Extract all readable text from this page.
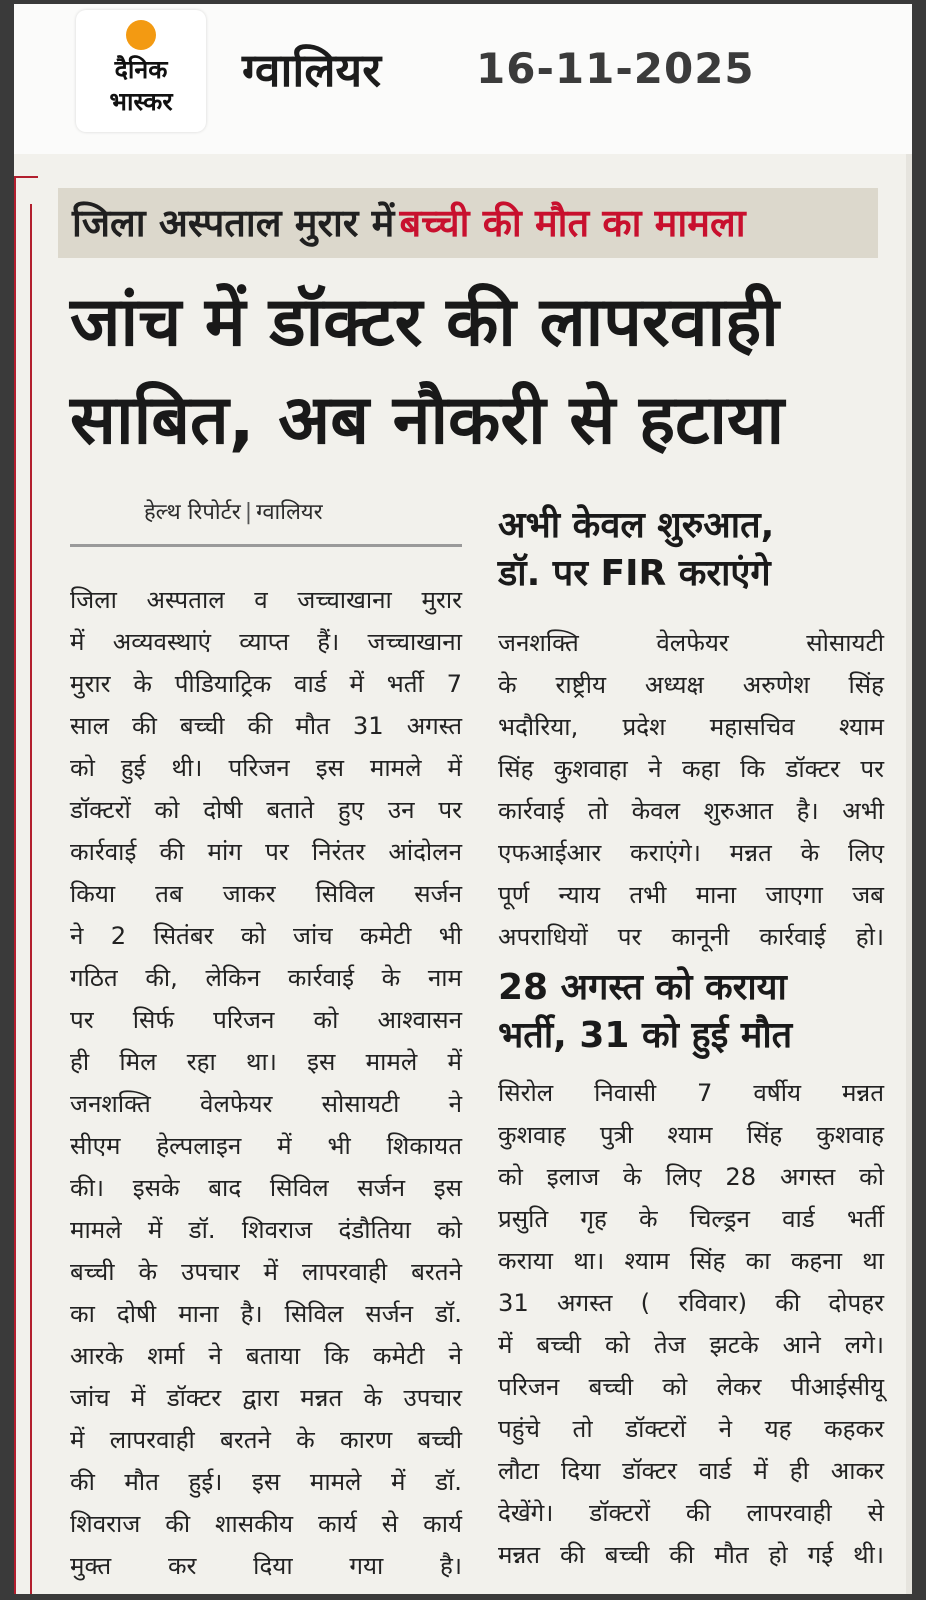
दैनिक
भास्कर
ग्वालियर 16-11-2025
जिला अस्पताल मुरार में बच्ची की मौत का मामला
जांच में डॉक्टर की लापरवाही
साबित, अब नौकरी से हटाया
हेल्थ रिपोर्टर | ग्वालियर
जिला अस्पताल व जच्चाखाना मुरार
में अव्यवस्थाएं व्याप्त हैं। जच्चाखाना
मुरार के पीडियाट्रिक वार्ड में भर्ती 7
साल की बच्ची की मौत 31 अगस्त
को हुई थी। परिजन इस मामले में
डॉक्टरों को दोषी बताते हुए उन पर
कार्रवाई की मांग पर निरंतर आंदोलन
किया तब जाकर सिविल सर्जन
ने 2 सितंबर को जांच कमेटी भी
गठित की, लेकिन कार्रवाई के नाम
पर सिर्फ परिजन को आश्वासन
ही मिल रहा था। इस मामले में
जनशक्ति वेलफेयर सोसायटी ने
सीएम हेल्पलाइन में भी शिकायत
की। इसके बाद सिविल सर्जन इस
मामले में डॉ. शिवराज दंडौतिया को
बच्ची के उपचार में लापरवाही बरतने
का दोषी माना है। सिविल सर्जन डॉ.
आरके शर्मा ने बताया कि कमेटी ने
जांच में डॉक्टर द्वारा मन्नत के उपचार
में लापरवाही बरतने के कारण बच्ची
की मौत हुई। इस मामले में डॉ.
शिवराज की शासकीय कार्य से कार्य
मुक्त कर दिया गया है।
अभी केवल शुरुआत,
डॉ. पर FIR कराएंगे
जनशक्ति वेलफेयर सोसायटी
के राष्ट्रीय अध्यक्ष अरुणेश सिंह
भदौरिया, प्रदेश महासचिव श्याम
सिंह कुशवाहा ने कहा कि डॉक्टर पर
कार्रवाई तो केवल शुरुआत है। अभी
एफआईआर कराएंगे। मन्नत के लिए
पूर्ण न्याय तभी माना जाएगा जब
अपराधियों पर कानूनी कार्रवाई हो।
28 अगस्त को कराया
भर्ती, 31 को हुई मौत
सिरोल निवासी 7 वर्षीय मन्नत
कुशवाह पुत्री श्याम सिंह कुशवाह
को इलाज के लिए 28 अगस्त को
प्रसुति गृह के चिल्ड्रन वार्ड भर्ती
कराया था। श्याम सिंह का कहना था
31 अगस्त ( रविवार) की दोपहर
में बच्ची को तेज झटके आने लगे।
परिजन बच्ची को लेकर पीआईसीयू
पहुंचे तो डॉक्टरों ने यह कहकर
लौटा दिया डॉक्टर वार्ड में ही आकर
देखेंगे। डॉक्टरों की लापरवाही से
मन्नत की बच्ची की मौत हो गई थी।
